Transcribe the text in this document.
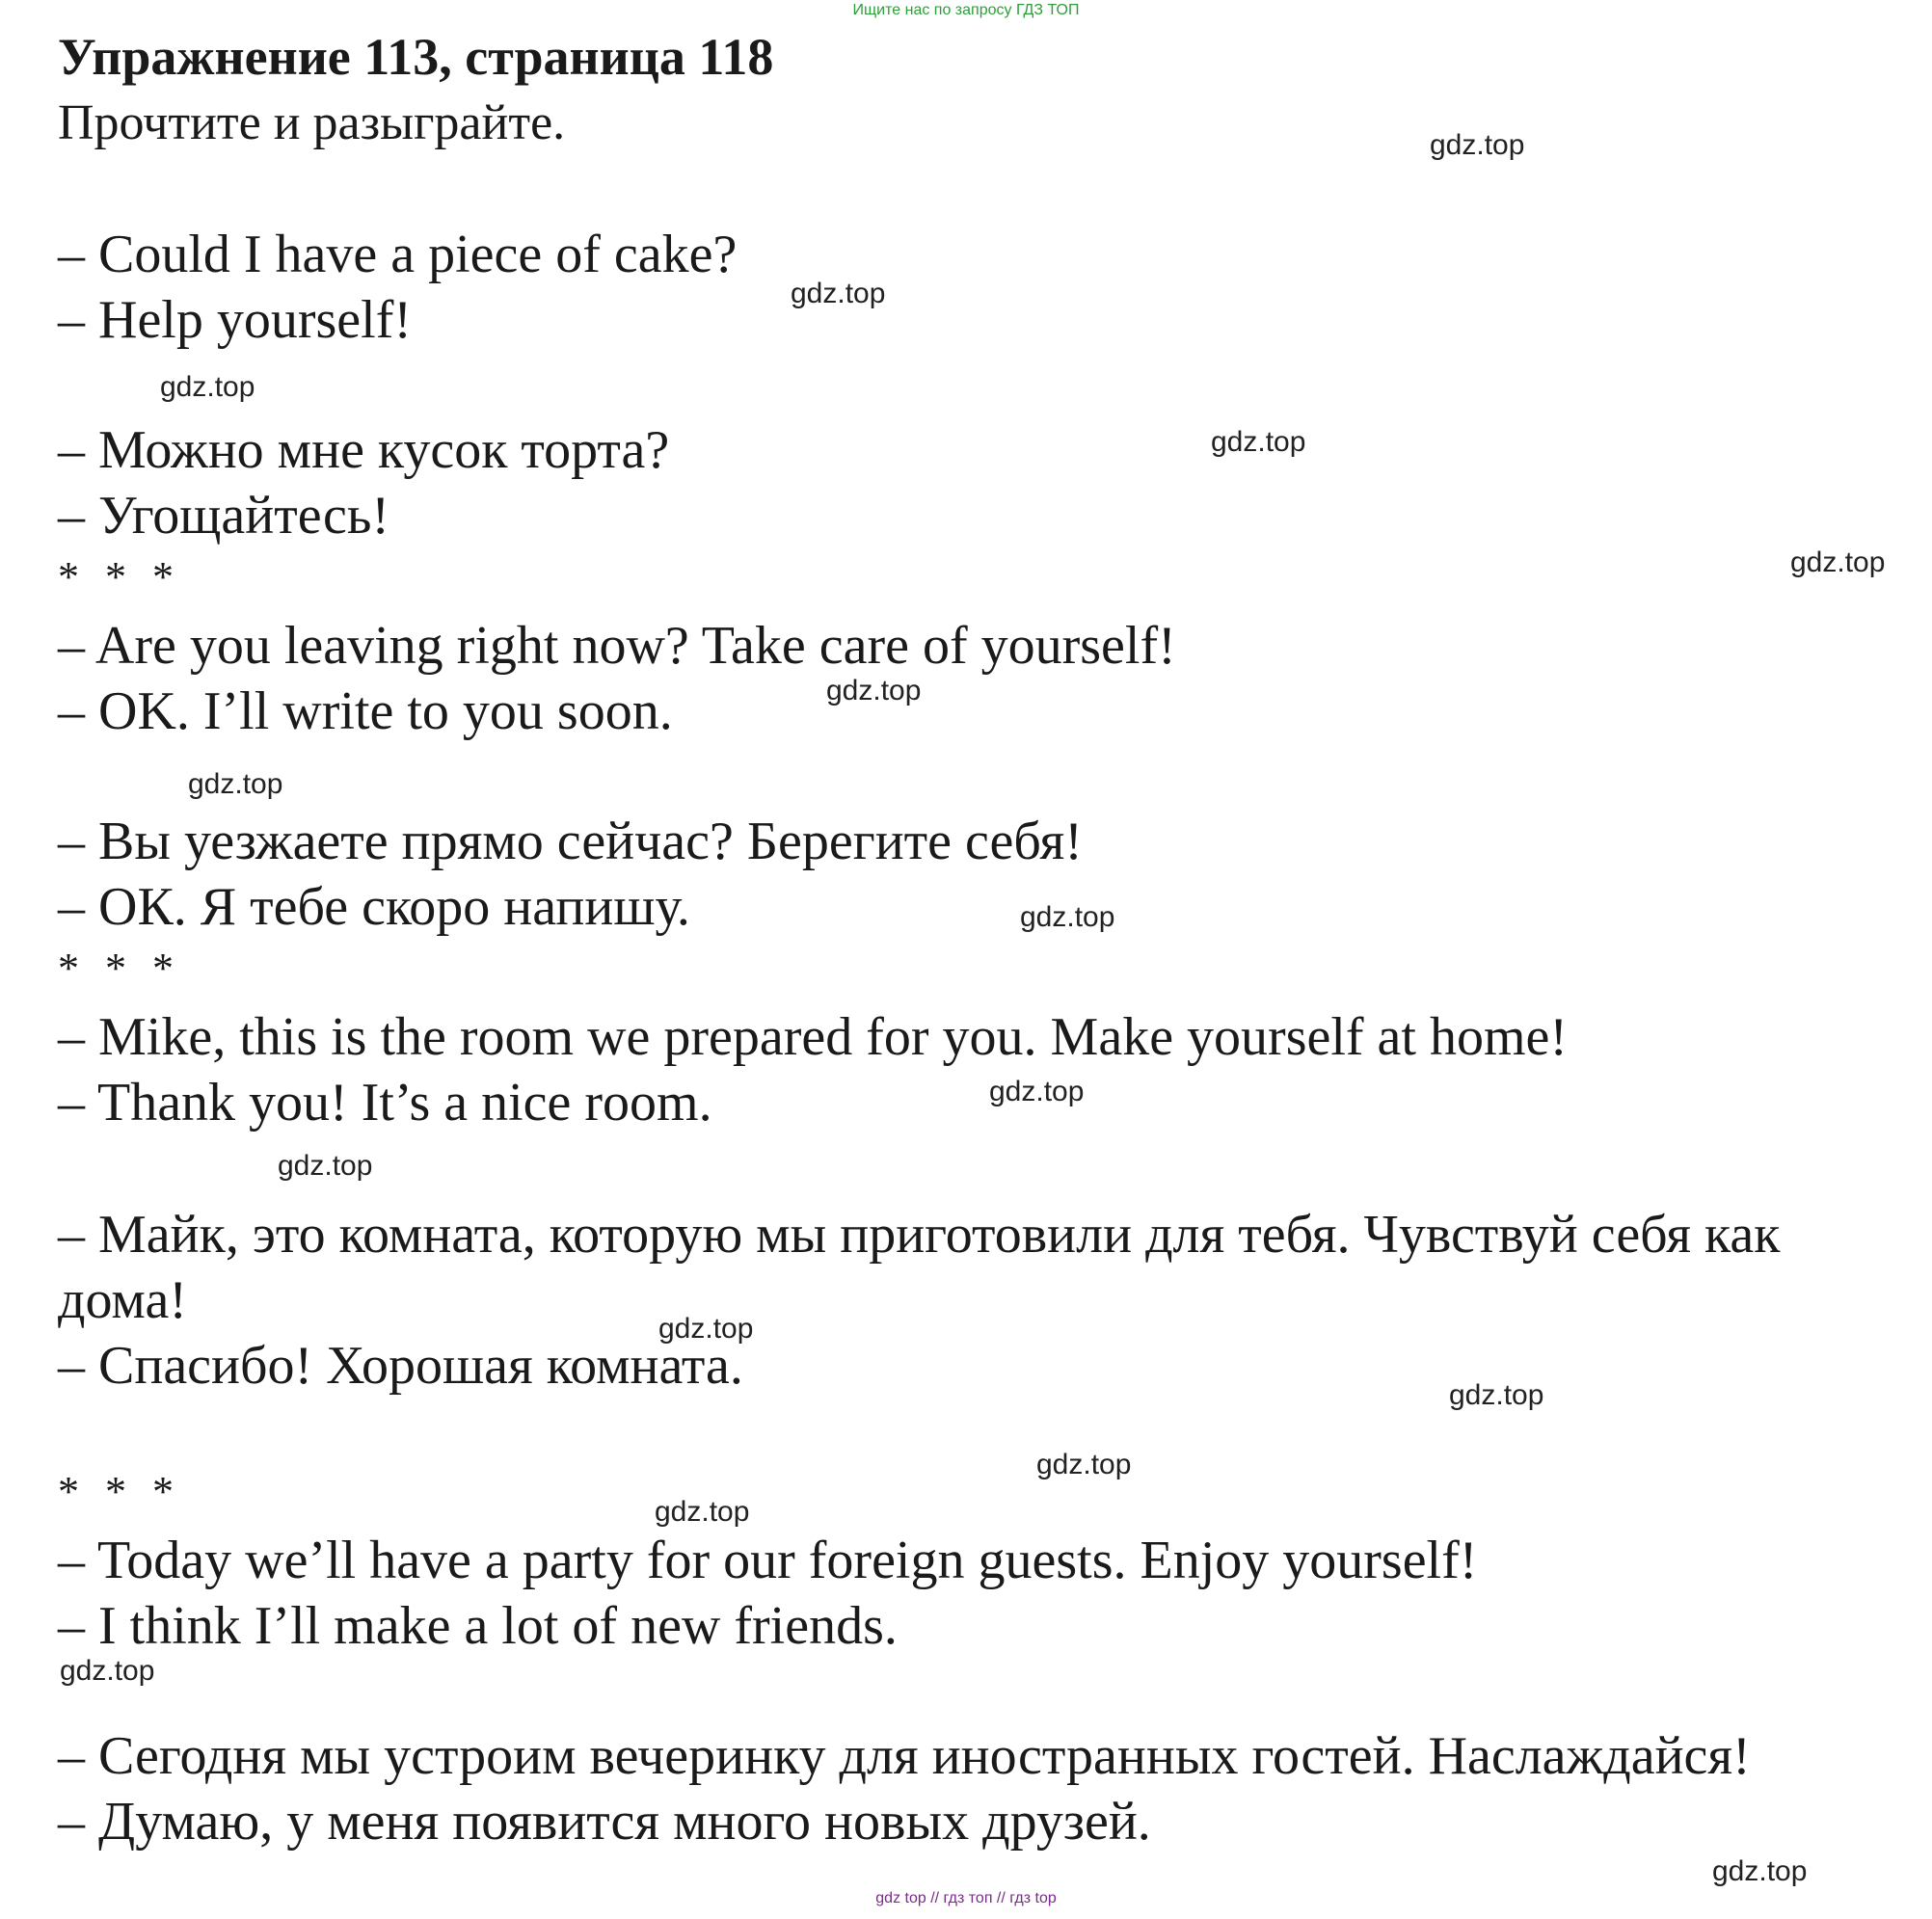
Ищите нас по запросу ГДЗ ТОП
Упражнение 113, страница 118

Прочтите и разыграйте.

– Could I have a piece of cake?

– Help yourself!

– Можно мне кусок торта?

– Угощайтесь!

* * *

– Are you leaving right now? Take care of yourself!

– OK. I’ll write to you soon.

– Вы уезжаете прямо сейчас? Берегите себя!

– ОК. Я тебе скоро напишу.

* * *

– Mike, this is the room we prepared for you. Make yourself at home!

– Thank you! It’s a nice room.

– Майк, это комната, которую мы приготовили для тебя. Чувствуй себя как

дома!

– Спасибо! Хорошая комната.

* * *

– Today we’ll have a party for our foreign guests. Enjoy yourself!

– I think I’ll make a lot of new friends.

– Сегодня мы устроим вечеринку для иностранных гостей. Наслаждайся!

– Думаю, у меня появится много новых друзей.

gdz.top
gdz.top
gdz.top
gdz.top
gdz.top
gdz.top
gdz.top
gdz.top
gdz.top
gdz.top
gdz.top
gdz.top
gdz.top
gdz.top
gdz.top
gdz.top
gdz top // гдз топ // гдз top
